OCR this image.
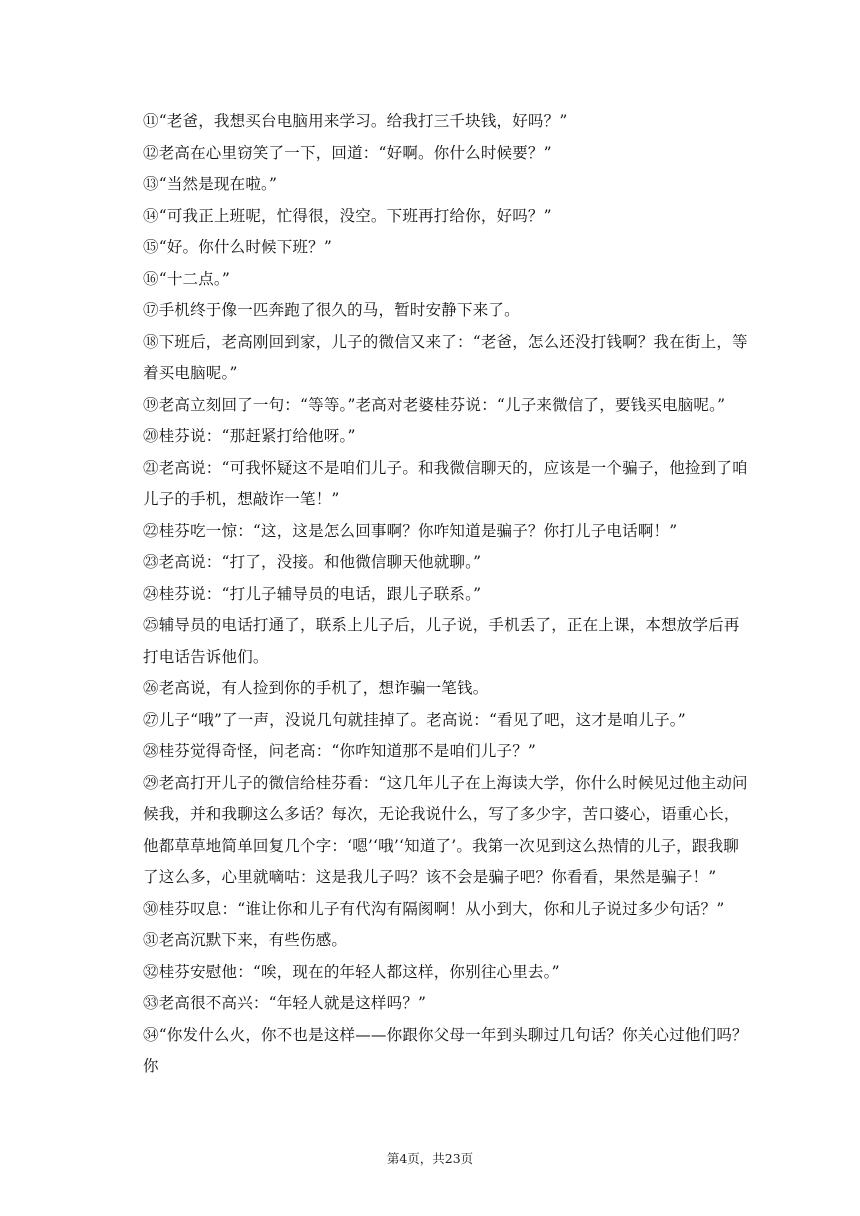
⑪“老爸，我想买台电脑用来学习。给我打三千块钱，好吗？”

⑫老高在心里窃笑了一下，回道：“好啊。你什么时候要？”

⑬“当然是现在啦。”

⑭“可我正上班呢，忙得很，没空。下班再打给你，好吗？”

⑮“好。你什么时候下班？”

⑯“十二点。”

⑰手机终于像一匹奔跑了很久的马，暂时安静下来了。

⑱下班后，老高刚回到家，儿子的微信又来了：“老爸，怎么还没打钱啊？我在街上，等着买电脑呢。”

⑲老高立刻回了一句：“等等。”老高对老婆桂芬说：“儿子来微信了，要钱买电脑呢。”

⑳桂芬说：“那赶紧打给他呀。”

㉑老高说：“可我怀疑这不是咱们儿子。和我微信聊天的，应该是一个骗子，他捡到了咱儿子的手机，想敲诈一笔！”

㉒桂芬吃一惊：“这，这是怎么回事啊？你咋知道是骗子？你打儿子电话啊！”

㉓老高说：“打了，没接。和他微信聊天他就聊。”

㉔桂芬说：“打儿子辅导员的电话，跟儿子联系。”

㉕辅导员的电话打通了，联系上儿子后，儿子说，手机丢了，正在上课，本想放学后再打电话告诉他们。

㉖老高说，有人捡到你的手机了，想诈骗一笔钱。

㉗儿子“哦”了一声，没说几句就挂掉了。老高说：“看见了吧，这才是咱儿子。”

㉘桂芬觉得奇怪，问老高：“你咋知道那不是咱们儿子？”

㉙老高打开儿子的微信给桂芬看：“这几年儿子在上海读大学，你什么时候见过他主动问候我，并和我聊这么多话？每次，无论我说什么，写了多少字，苦口婆心，语重心长，他都草草地简单回复几个字：‘嗯’‘哦’‘知道了’。我第一次见到这么热情的儿子，跟我聊了这么多，心里就嘀咕：这是我儿子吗？该不会是骗子吧？你看看，果然是骗子！”

㉚桂芬叹息：“谁让你和儿子有代沟有隔阂啊！从小到大，你和儿子说过多少句话？”

㉛老高沉默下来，有些伤感。

㉜桂芬安慰他：“唉，现在的年轻人都这样，你别往心里去。”

㉝老高很不高兴：“年轻人就是这样吗？”

㉞“你发什么火，你不也是这样——你跟你父母一年到头聊过几句话？你关心过他们吗？你

第4页，共23页
